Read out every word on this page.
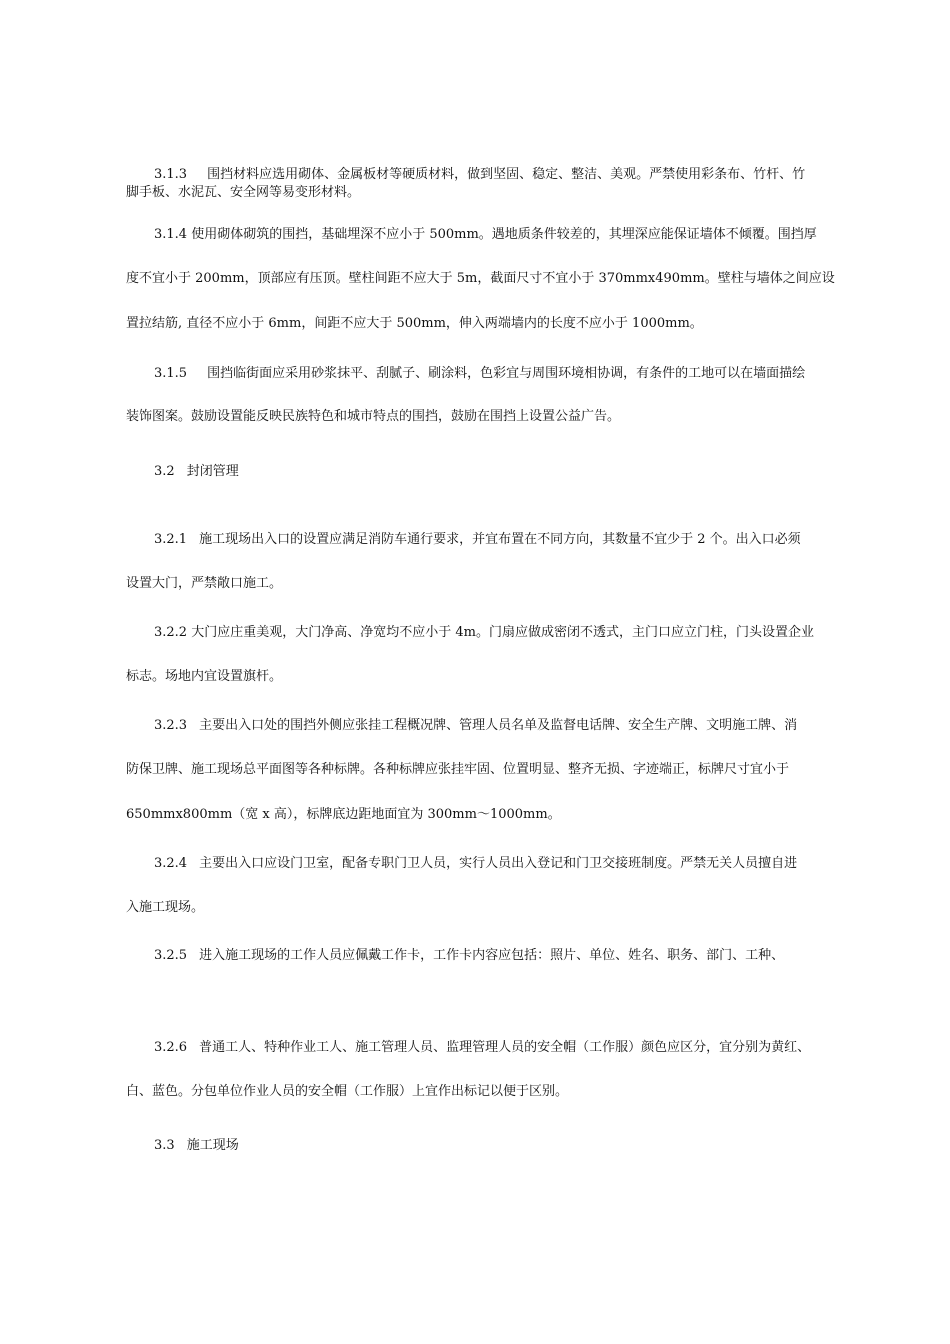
3.1.3 围挡材料应选用砌体、金属板材等硬质材料，做到坚固、稳定、整洁、美观。严禁使用彩条布、竹杆、竹
脚手板、水泥瓦、安全网等易变形材料。
3.1.4 使用砌体砌筑的围挡，基础埋深不应小于 500mm。遇地质条件较差的，其埋深应能保证墙体不倾覆。围挡厚
度不宜小于 200mm，顶部应有压顶。壁柱间距不应大于 5m，截面尺寸不宜小于 370mmx490mm。壁柱与墙体之间应设
置拉结筋, 直径不应小于 6mm，间距不应大于 500mm，伸入两端墙内的长度不应小于 1000mm。
3.1.5 围挡临街面应采用砂浆抹平、刮腻子、刷涂料，色彩宜与周围环境相协调，有条件的工地可以在墙面描绘
装饰图案。鼓励设置能反映民族特色和城市特点的围挡，鼓励在围挡上设置公益广告。
3.2 封闭管理
3.2.1 施工现场出入口的设置应满足消防车通行要求，并宜布置在不同方向，其数量不宜少于 2 个。出入口必须
设置大门，严禁敞口施工。
3.2.2 大门应庄重美观，大门净高、净宽均不应小于 4m。门扇应做成密闭不透式，主门口应立门柱，门头设置企业
标志。场地内宜设置旗杆。
3.2.3 主要出入口处的围挡外侧应张挂工程概况牌、管理人员名单及监督电话牌、安全生产牌、文明施工牌、消
防保卫牌、施工现场总平面图等各种标牌。各种标牌应张挂牢固、位置明显、整齐无损、字迹端正，标牌尺寸宜小于
650mmx800mm（宽 x 高），标牌底边距地面宜为 300mm〜1000mm。
3.2.4 主要出入口应设门卫室，配备专职门卫人员，实行人员出入登记和门卫交接班制度。严禁无关人员擅自进
入施工现场。
3.2.5 进入施工现场的工作人员应佩戴工作卡，工作卡内容应包括：照片、单位、姓名、职务、部门、工种、
3.2.6 普通工人、特种作业工人、施工管理人员、监理管理人员的安全帽（工作服）颜色应区分，宜分别为黄红、
白、蓝色。分包单位作业人员的安全帽（工作服）上宜作出标记以便于区别。
3.3 施工现场
